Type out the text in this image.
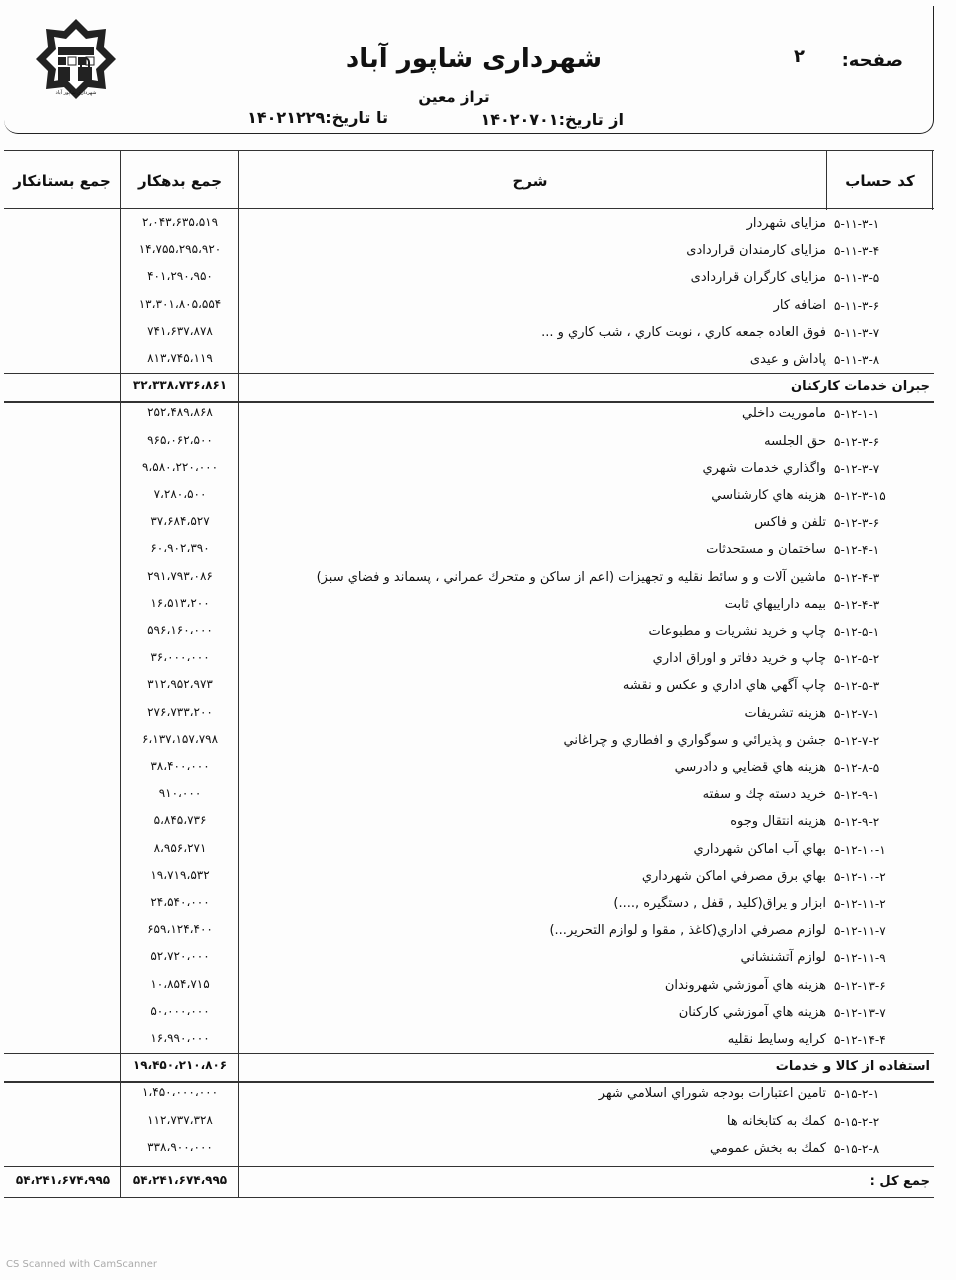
شهرداری شاپور آباد
شهرداری شاپور آباد	صفحه:
۲
تراز معین
از تاریخ:۱۴۰۲۰۷۰۱
تا تاریخ:۱۴۰۲۱۲۲۹
کد حساب
شرح
جمع بدهکار
جمع بستانکار
۵-۱۱-۳-۱
مزایای شهردار
۲،۰۴۳،۶۳۵،۵۱۹
۵-۱۱-۳-۴
مزایای کارمندان قراردادی
۱۴،۷۵۵،۲۹۵،۹۲۰
۵-۱۱-۳-۵
مزایای کارگران قراردادی
۴۰۱،۲۹۰،۹۵۰
۵-۱۱-۳-۶
اضافه کار
۱۳،۳۰۱،۸۰۵،۵۵۴
۵-۱۱-۳-۷
فوق العاده جمعه کاري ، نوبت کاري ، شب کاري و ...
۷۴۱،۶۳۷،۸۷۸
۵-۱۱-۳-۸
پاداش و عیدی
۸۱۳،۷۴۵،۱۱۹
جبران خدمات کارکنان
۳۲،۳۳۸،۷۳۶،۸۶۱
۵-۱۲-۱-۱
ماموریت داخلي
۲۵۲،۴۸۹،۸۶۸
۵-۱۲-۳-۶
حق الجلسه
۹۶۵،۰۶۲،۵۰۰
۵-۱۲-۳-۷
واگذاري خدمات شهري
۹،۵۸۰،۲۲۰،۰۰۰
۵-۱۲-۳-۱۵
هزینه هاي کارشناسي
۷،۲۸۰،۵۰۰
۵-۱۲-۳-۶
تلفن و فاکس
۳۷،۶۸۴،۵۲۷
۵-۱۲-۴-۱
ساختمان و مستحدثات
۶۰،۹۰۲،۳۹۰
۵-۱۲-۴-۳
ماشین آلات و و سائط نقلیه و تجهیزات (اعم از ساکن و متحرك عمراني ، پسماند و فضاي سبز)
۲۹۱،۷۹۳،۰۸۶
۵-۱۲-۴-۳
بیمه داراییهاي ثابت
۱۶،۵۱۳،۲۰۰
۵-۱۲-۵-۱
چاپ و خرید نشریات و مطبوعات
۵۹۶،۱۶۰،۰۰۰
۵-۱۲-۵-۲
چاپ و خرید دفاتر و اوراق اداري
۳۶،۰۰۰،۰۰۰
۵-۱۲-۵-۳
چاپ آگهي هاي اداري و عکس و نقشه
۳۱۲،۹۵۲،۹۷۳
۵-۱۲-۷-۱
هزینه تشریفات
۲۷۶،۷۳۳،۲۰۰
۵-۱۲-۷-۲
جشن و پذیرائي و سوگواري و افطاري و چراغاني
۶،۱۳۷،۱۵۷،۷۹۸
۵-۱۲-۸-۵
هزینه هاي قضايي و دادرسي
۳۸،۴۰۰،۰۰۰
۵-۱۲-۹-۱
خرید دسته چك و سفته
۹۱۰،۰۰۰
۵-۱۲-۹-۲
هزینه انتقال وجوه
۵،۸۴۵،۷۳۶
۵-۱۲-۱۰-۱
بهاي آب اماکن شهرداري
۸،۹۵۶،۲۷۱
۵-۱۲-۱۰-۲
بهاي برق مصرفي اماکن شهرداري
۱۹،۷۱۹،۵۳۲
۵-۱۲-۱۱-۲
ابزار و يراق(کلید , قفل , دستگیره ,....)
۲۴،۵۴۰،۰۰۰
۵-۱۲-۱۱-۷
لوازم مصرفي اداري(کاغذ , مقوا و لوازم التحریر...)
۶۵۹،۱۲۴،۴۰۰
۵-۱۲-۱۱-۹
لوازم آتشنشاني
۵۲،۷۲۰،۰۰۰
۵-۱۲-۱۳-۶
هزینه هاي آموزشي شهروندان
۱۰،۸۵۴،۷۱۵
۵-۱۲-۱۳-۷
هزینه هاي آموزشي کارکنان
۵۰،۰۰۰،۰۰۰
۵-۱۲-۱۴-۴
کرایه وسایط نقلیه
۱۶،۹۹۰،۰۰۰
استفاده از کالا و خدمات
۱۹،۴۵۰،۲۱۰،۸۰۶
۵-۱۵-۲-۱
تامین اعتبارات بودجه شوراي اسلامي شهر
۱،۴۵۰،۰۰۰،۰۰۰
۵-۱۵-۲-۲
کمك به کتابخانه ها
۱۱۲،۷۳۷،۳۲۸
۵-۱۵-۲-۸
کمك به بخش عمومي
۳۳۸،۹۰۰،۰۰۰
جمع کل :
۵۴،۲۴۱،۶۷۴،۹۹۵
۵۴،۲۴۱،۶۷۴،۹۹۵
CS Scanned with CamScanner
